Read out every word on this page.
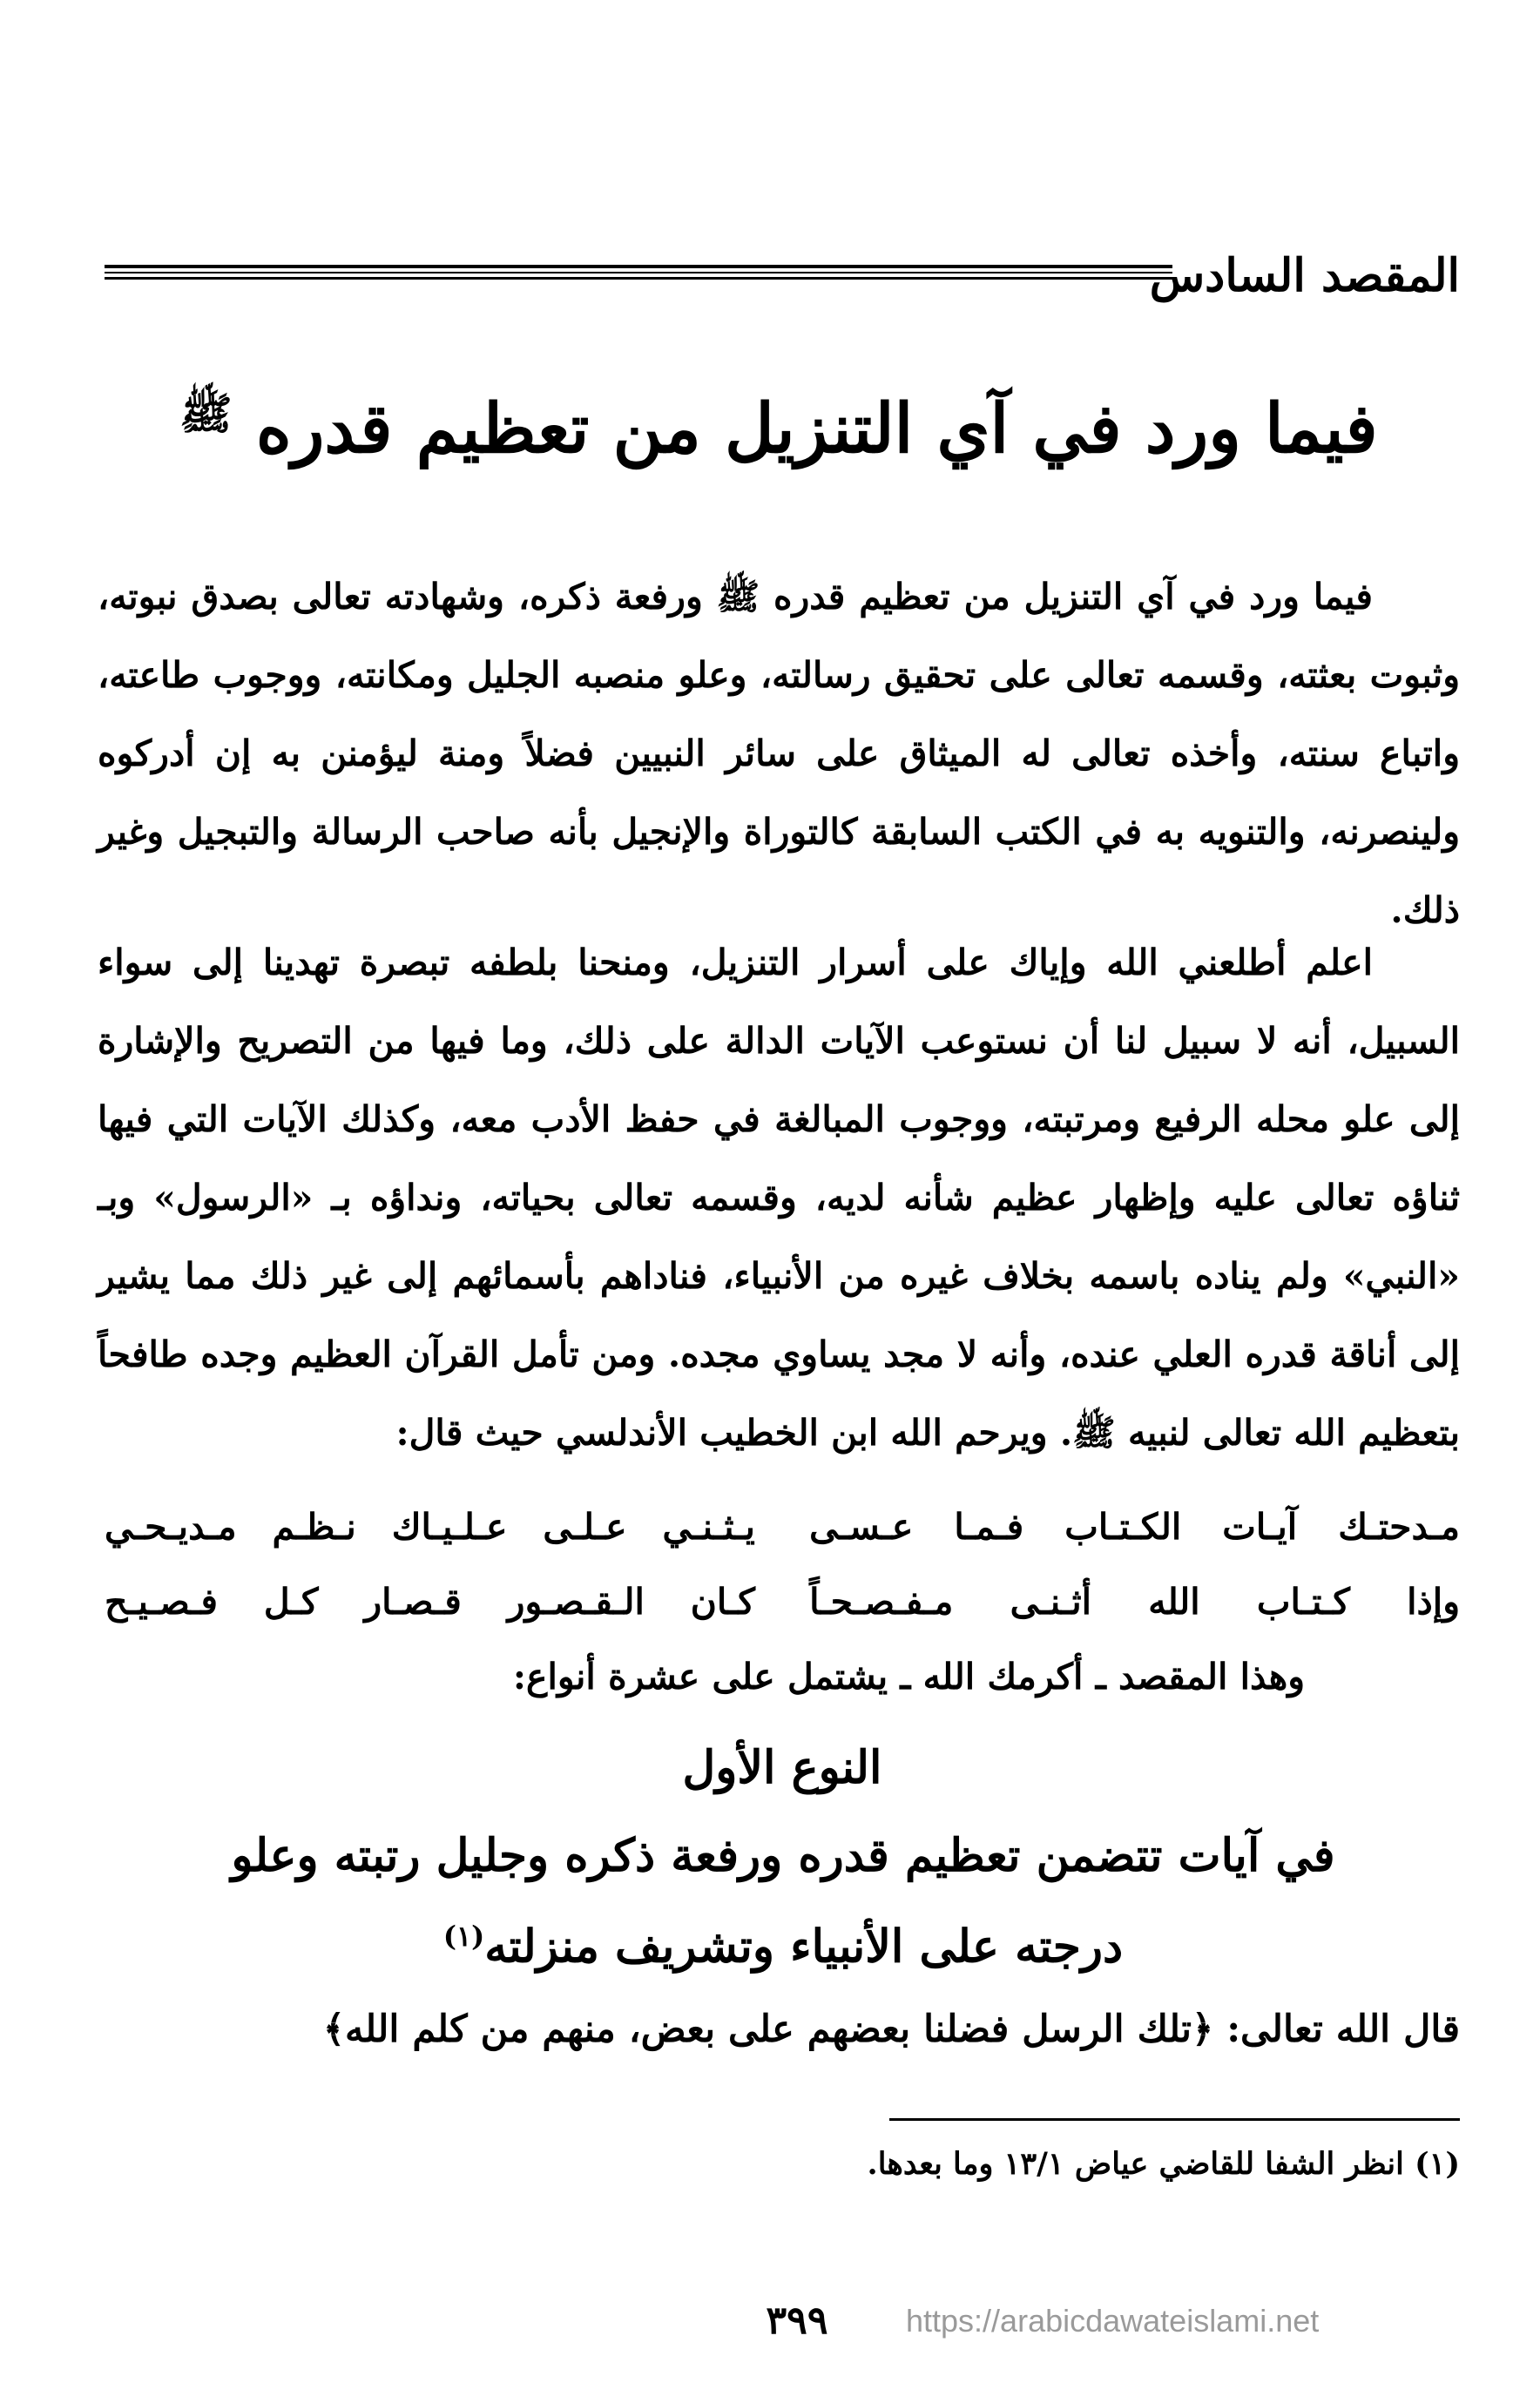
المقصد السادس
فيما ورد في آي التنزيل من تعظيم قدره $^ﷺ$
فيما ورد في آي التنزيل من تعظيم قدره ﷺ ورفعة ذكره، وشهادته تعالى بصدق نبوته، وثبوت بعثته، وقسمه تعالى على تحقيق رسالته، وعلو منصبه الجليل ومكانته، ووجوب طاعته، واتباع سنته، وأخذه تعالى له الميثاق على سائر النبيين فضلاً ومنة ليؤمنن به إن أدركوه ولينصرنه، والتنويه به في الكتب السابقة كالتوراة والإنجيل بأنه صاحب الرسالة والتبجيل وغير ذلك.
اعلم أطلعني الله وإياك على أسرار التنزيل، ومنحنا بلطفه تبصرة تهدينا إلى سواء السبيل، أنه لا سبيل لنا أن نستوعب الآيات الدالة على ذلك، وما فيها من التصريح والإشارة إلى علو محله الرفيع ومرتبته، ووجوب المبالغة في حفظ الأدب معه، وكذلك الآيات التي فيها ثناؤه تعالى عليه وإظهار عظيم شأنه لديه، وقسمه تعالى بحياته، ونداؤه بـ «الرسول» وبـ «النبي» ولم يناده باسمه بخلاف غيره من الأنبياء، فناداهم بأسمائهم إلى غير ذلك مما يشير إلى أناقة قدره العلي عنده، وأنه لا مجد يساوي مجده. ومن تأمل القرآن العظيم وجده طافحاً بتعظيم الله تعالى لنبيه ﷺ. ويرحم الله ابن الخطيب الأندلسي حيث قال:
مـدحتـك آيـات الكـتـاب فـمـا عـسـى
يـثـنـي عـلـى عـلـيـاك نـظـم مـديـحـي
وإذا كـتـاب الله أثـنـى مـفـصـحـاً
كـان الـقـصـور قـصـار كـل فـصـيـح
وهذا المقصد ـ أكرمك الله ـ يشتمل على عشرة أنواع:
النوع الأول
في آيات تتضمن تعظيم قدره ورفعة ذكره وجليل رتبته وعلو
درجته على الأنبياء وتشريف منزلته$^{(١)}$
قال الله تعالى: ﴿تلك الرسل فضلنا بعضهم على بعض، منهم من كلم الله﴾
(١) انظر الشفا للقاضي عياض ١٣/١ وما بعدها.
٣٩٩	https://arabicdawateislami.net
